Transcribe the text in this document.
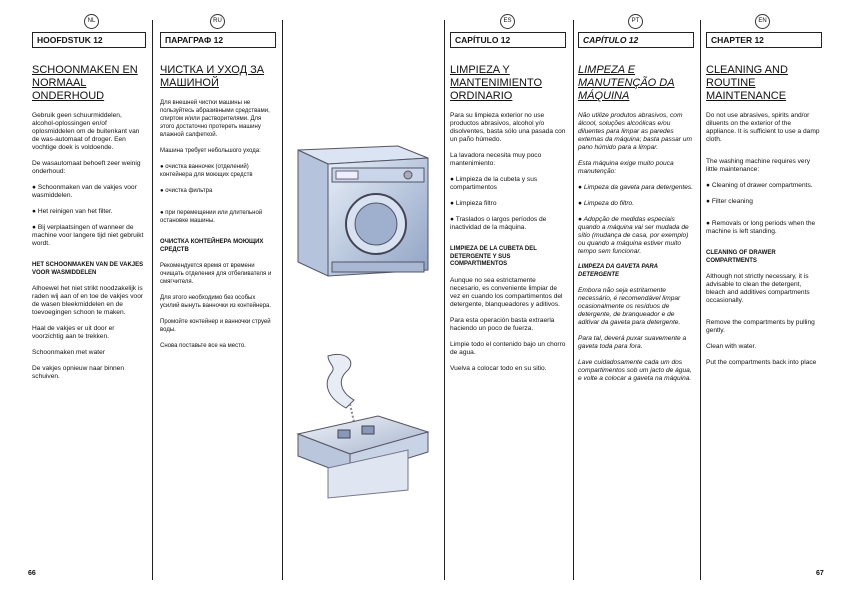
NL	RU	ES	PT	EN
HOOFDSTUK 12
SCHOONMAKEN EN NORMAAL ONDERHOUD

Gebruik geen schuurmiddelen, alcohol-oplossingen en/of oplosmiddelen om de buitenkant van de was-automaat of droger. Een vochtige doek is voldoende.

De wasautomaat behoeft zeer weinig onderhoud:

● Schoonmaken van de vakjes voor wasmiddelen.

● Het reinigen van het filter.

● Bij verplaatsingen of wanneer de machine voor langere tijd niet gebruikt wordt.

HET SCHOONMAKEN VAN DE VAKJES VOOR WASMIDDELEN

Alhoewel het niet strikt noodzakelijk is raden wij aan of en toe de vakjes voor de wasen bleekmiddelen en de toevoegingen schoon te maken.

Haal de vakjes er uit door er voorzichtig aan te trekken.

Schoonmaken met water

De vakjes opnieuw naar binnen schuiven.

ПАРАГРАФ 12
ЧИСТКА И УХОД ЗА МАШИНОЙ

Для внешней чистки машины не пользуйтесь абразивными средствами, спиртом и/или растворителями. Для этого достаточно протереть машину влажной салфеткой.

Машина требует небольшого ухода:

● очистка ванночек (отделений) контейнера для моющих средств

● очистка фильтра

● при перемещении или длительной остановке машины.

ОЧИСТКА КОНТЕЙНЕРА МОЮЩИХ СРЕДСТВ

Рекомендуется время от времени очищать отделения для отбеливателя и смягчителя.

Для этого необходимо без особых усилий вынуть ванночки из контейнера.

Промойте контейнер и ванночки струей воды.

Снова поставьте все на место.

CAPÍTULO 12
LIMPIEZA Y MANTENIMIENTO ORDINARIO

Para su limpieza exterior no use productos abrasivos, alcohol y/o disolventes, basta sólo una pasada con un paño húmedo.

La lavadora necesita muy poco mantenimiento:

● Limpieza de la cubeta y sus compartimentos

● Limpieza filtro

● Traslados o largos períodos de inactividad de la máquina.

LIMPIEZA DE LA CUBETA DEL DETERGENTE Y SUS COMPARTIMENTOS

Aunque no sea estrictamente necesario, es conveniente limpiar de vez en cuando los compartimentos del detergente, blanqueadores y aditivos.

Para esta operación basta extraerla haciendo un poco de fuerza.

Limpie todo el contenido bajo un chorro de agua.

Vuelva a colocar todo en su sitio.

CAPÍTULO 12
LIMPEZA E MANUTENÇÃO DA MÁQUINA

Não utilize produtos abrasivos, com álcool, soluções alcoólicas e/ou diluentes para limpar as paredes externas da máquina; basta passar um pano húmido para a limpar.

Esta máquina exige muito pouca manutenção:

● Limpeza da gaveta para detergentes.

● Limpeza do filtro.

● Adopção de medidas especiais quando a máquina vai ser mudada de sítio (mudança de casa, por exemplo) ou quando a máquina estiver muito tempo sem funcionar.

LIMPEZA DA GAVETA PARA DETERGENTE

Embora não seja estritamente necessário, é recomendável limpar ocasionalmente os resíduos de detergente, de branqueador e de aditivar da gaveta para detergente.

Para tal, deverá puxar suavemente a gaveta toda para fora.

Lave cuidadosamente cada um dos compartimentos sob um jacto de água, e volte a colocar a gaveta na máquina.

CHAPTER 12
CLEANING AND ROUTINE MAINTENANCE

Do not use abrasives, spirits and/or diluents on the exterior of the appliance. It is sufficient to use a damp cloth.

The washing machine requires very little maintenance:

● Cleaning of drawer compartments.

● Filter cleaning

● Removals or long periods when the machine is left standing.

CLEANING OF DRAWER COMPARTMENTS

Although not strictly necessary, it is advisable to clean the detergent, bleach and additives compartments occasionally.

Remove the compartments by pulling gently.

Clean with water.

Put the compartments back into place

66	67
